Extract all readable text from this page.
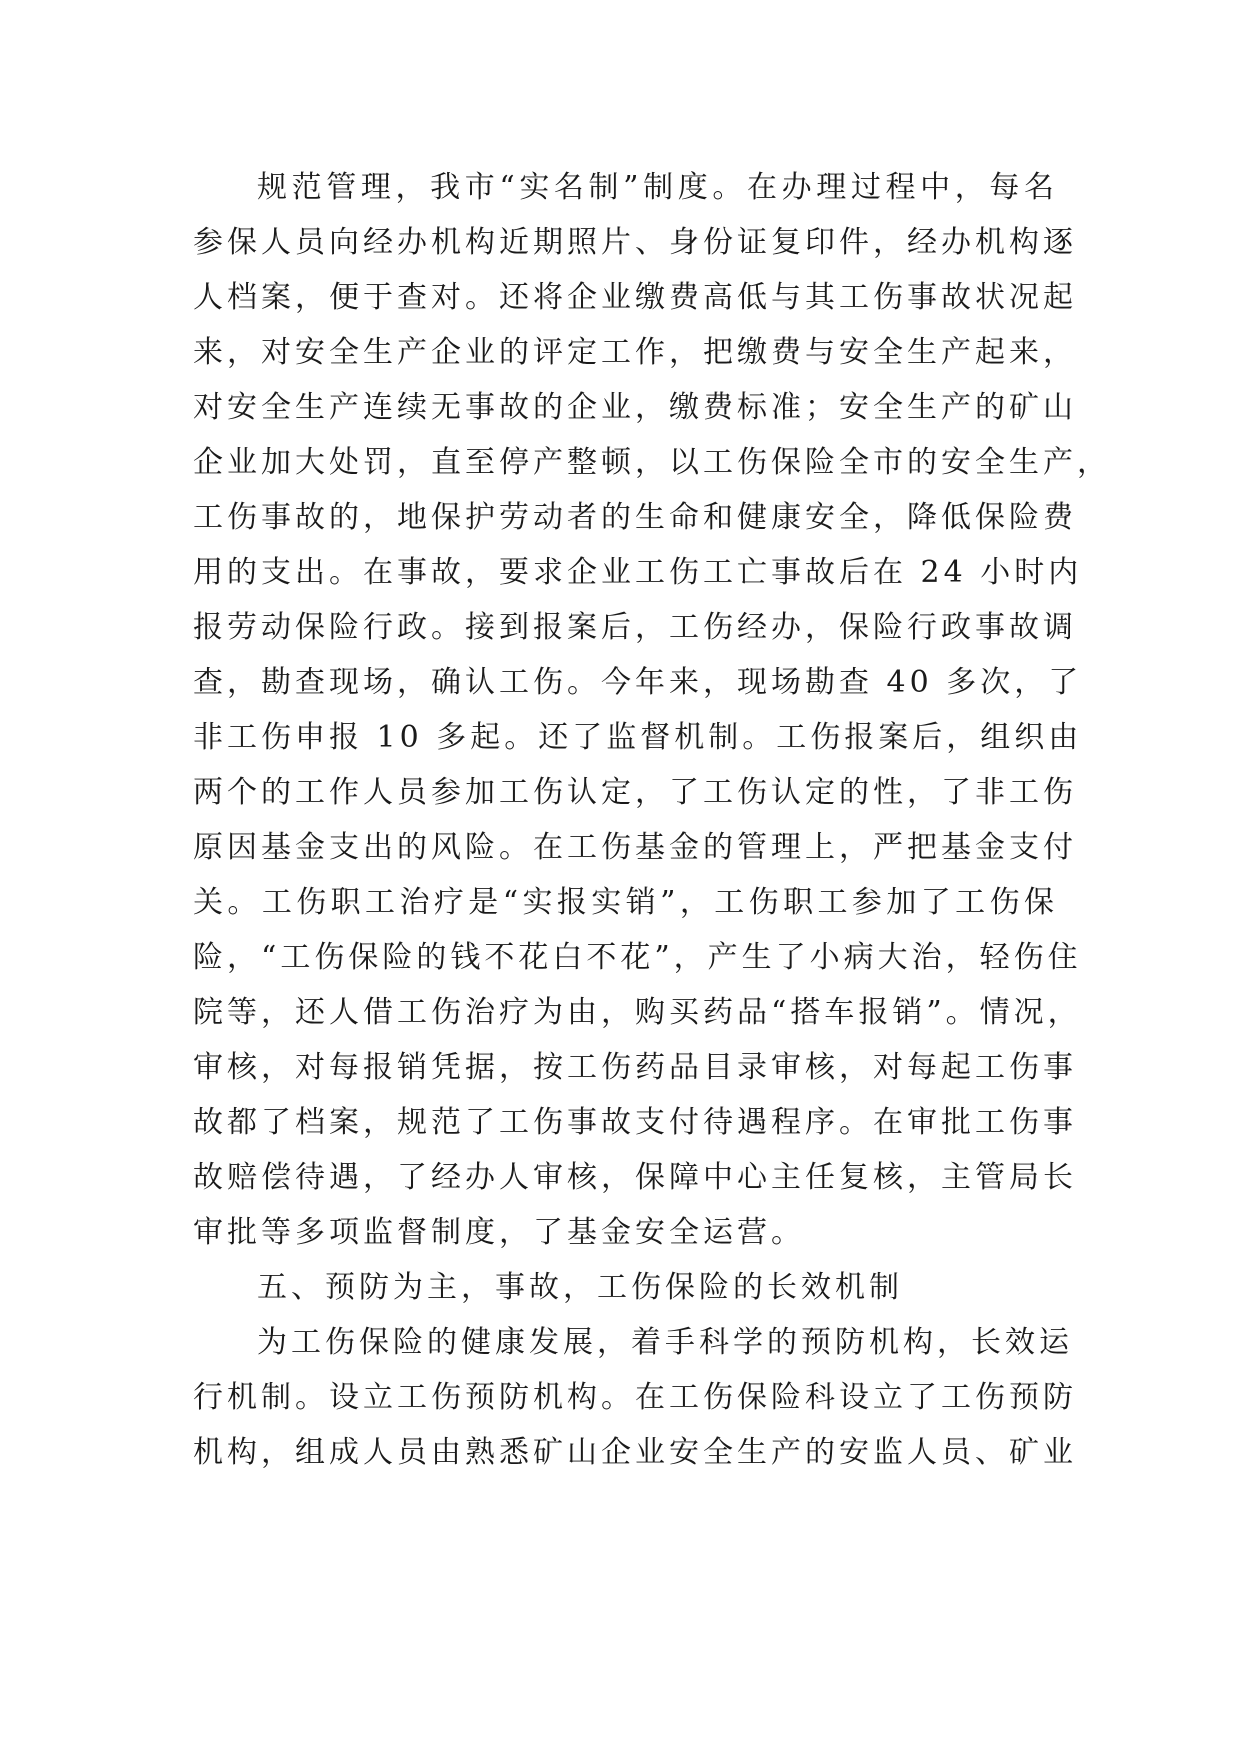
规范管理，我市“实名制”制度。在办理过程中，每名
参保人员向经办机构近期照片、身份证复印件，经办机构逐
人档案，便于查对。还将企业缴费高低与其工伤事故状况起
来，对安全生产企业的评定工作，把缴费与安全生产起来，
对安全生产连续无事故的企业，缴费标准；安全生产的矿山
企业加大处罚，直至停产整顿，以工伤保险全市的安全生产，
工伤事故的，地保护劳动者的生命和健康安全，降低保险费
用的支出。在事故，要求企业工伤工亡事故后在 24 小时内
报劳动保险行政。接到报案后，工伤经办，保险行政事故调
查，勘查现场，确认工伤。今年来，现场勘查 40 多次，了
非工伤申报 10 多起。还了监督机制。工伤报案后，组织由
两个的工作人员参加工伤认定，了工伤认定的性，了非工伤
原因基金支出的风险。在工伤基金的管理上，严把基金支付
关。工伤职工治疗是“实报实销”，工伤职工参加了工伤保
险，“工伤保险的钱不花白不花”，产生了小病大治，轻伤住
院等，还人借工伤治疗为由，购买药品“搭车报销”。情况，
审核，对每报销凭据，按工伤药品目录审核，对每起工伤事
故都了档案，规范了工伤事故支付待遇程序。在审批工伤事
故赔偿待遇，了经办人审核，保障中心主任复核，主管局长
审批等多项监督制度，了基金安全运营。
五、预防为主，事故，工伤保险的长效机制
为工伤保险的健康发展，着手科学的预防机构，长效运
行机制。设立工伤预防机构。在工伤保险科设立了工伤预防
机构，组成人员由熟悉矿山企业安全生产的安监人员、矿业
